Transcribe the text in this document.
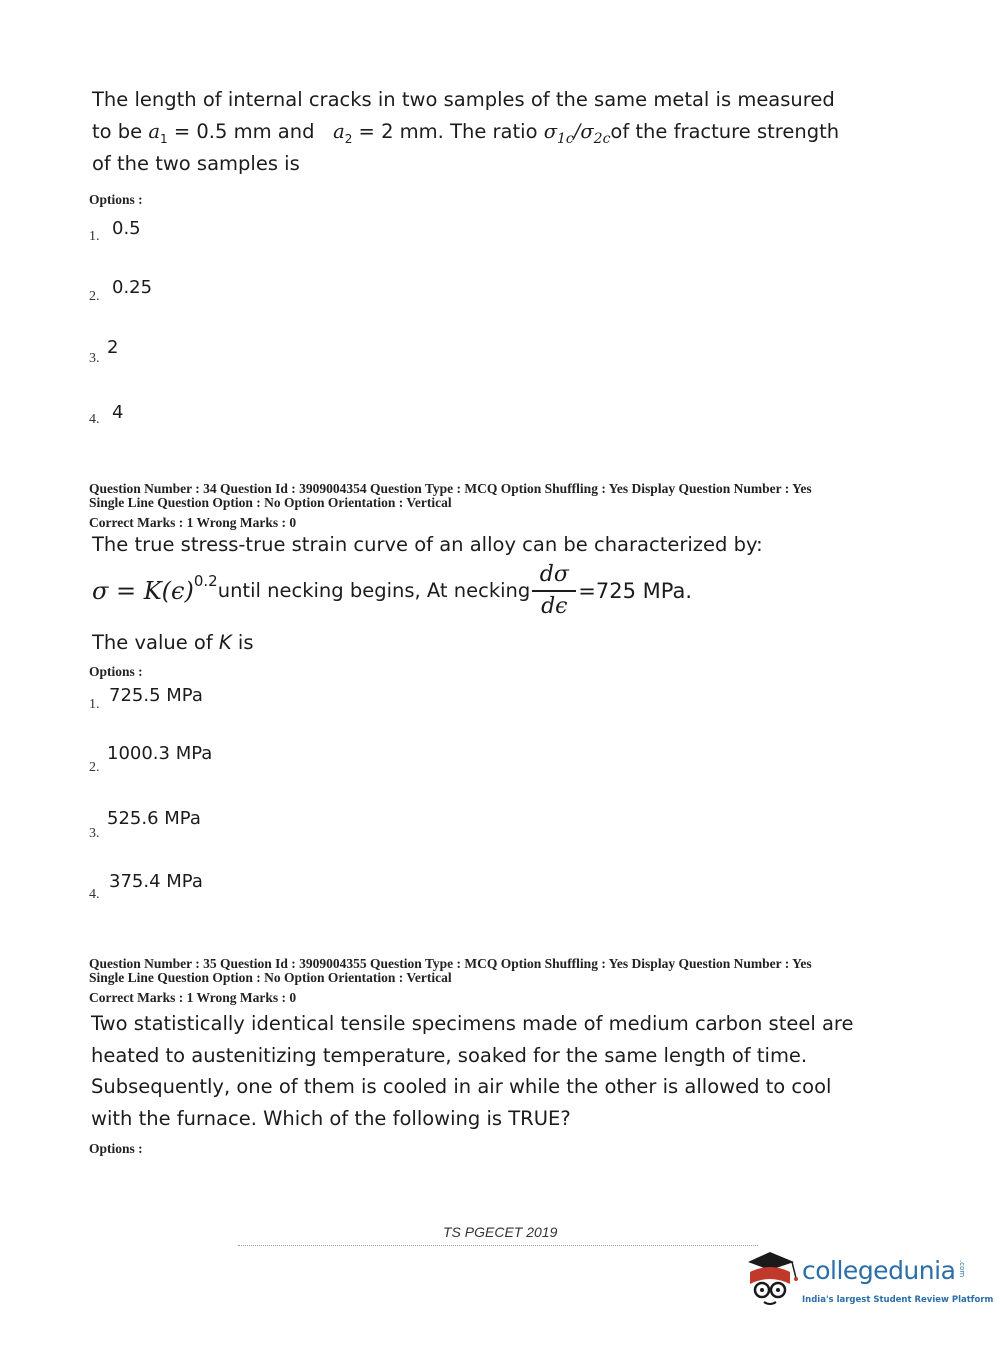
The length of internal cracks in two samples of the same metal is measured
to be $a_1 = 0.5$ mm and   $a_2 = 2$ mm. The ratio $\sigma_{1c}/\sigma_{2c}of$ the fracture strength
of the two samples is
Options :
1. 0.5
2. 0.25
3.
2
4. 4
Question Number : 34 Question Id : 3909004354 Question Type : MCQ Option Shuffling : Yes Display Question Number : Yes
Single Line Question Option : No Option Orientation : Vertical
Correct Marks : 1 Wrong Marks : 0
The true stress-true strain curve of an alloy can be characterized by:
σ = K(ϵ) 0.2 until necking begins, At necking $\frac{d\sigma}{d\epsilon} =725$ MPa.
The value of K is
Options :
1. 725.5 MPa
2.
1000.3 MPa
3.
525.6 MPa
4.
375.4 MPa
Question Number : 35 Question Id : 3909004355 Question Type : MCQ Option Shuffling : Yes Display Question Number : Yes
Single Line Question Option : No Option Orientation : Vertical
Correct Marks : 1 Wrong Marks : 0
Two statistically identical tensile specimens made of medium carbon steel are
heated to austenitizing temperature, soaked for the same length of time.
Subsequently, one of them is cooled in air while the other is allowed to cool
with the furnace. Which of the following is TRUE?
Options :
TS PGECET 2019
collegedunia .com
India's largest Student Review Platform
